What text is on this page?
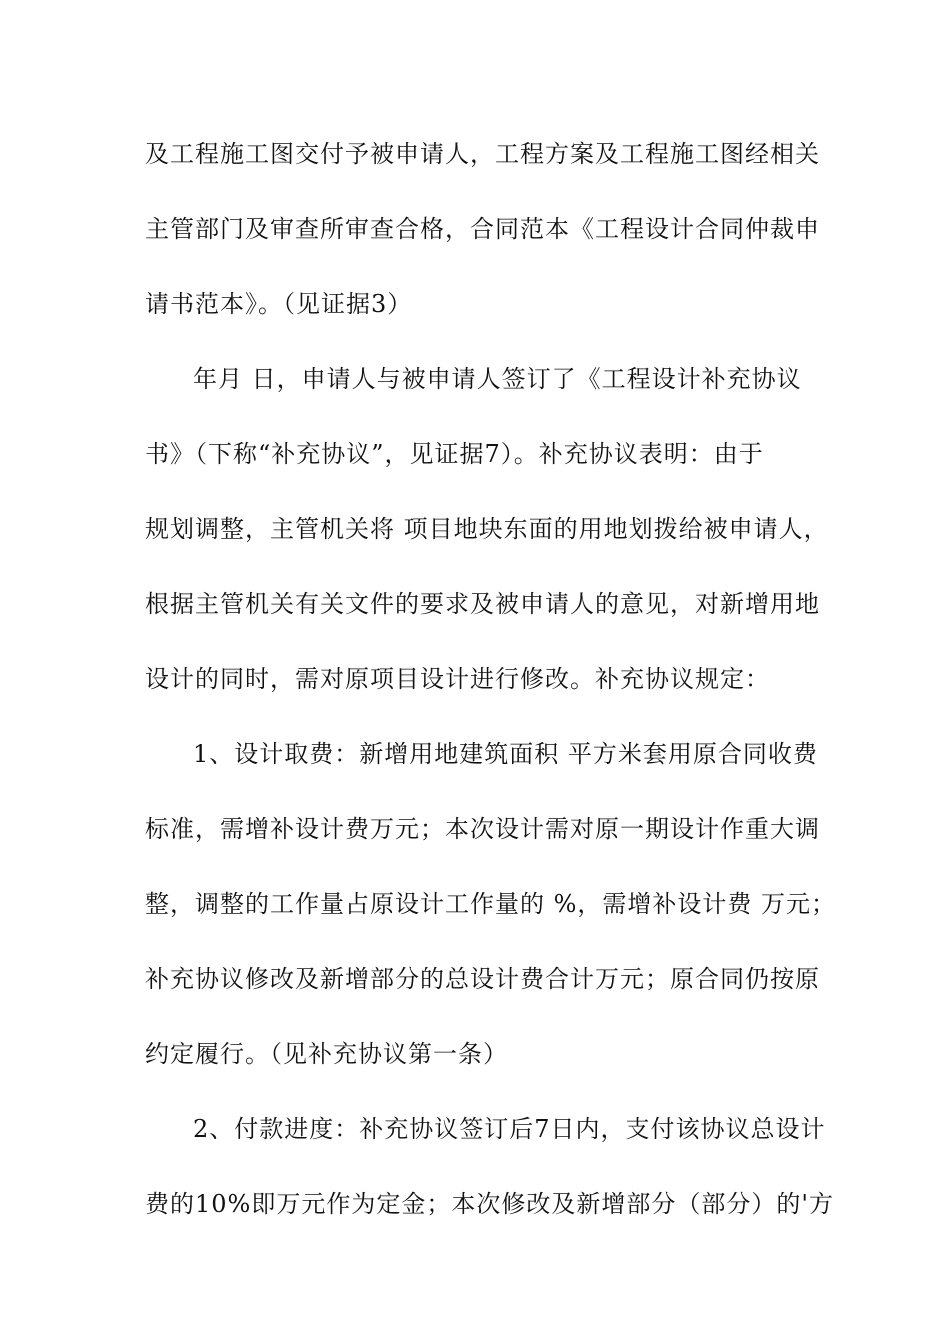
及工程施工图交付予被申请人，工程方案及工程施工图经相关
主管部门及审查所审查合格，合同范本《工程设计合同仲裁申
请书范本》。（见证据3）
年月 日，申请人与被申请人签订了《工程设计补充协议
书》（下称“补充协议”，见证据7）。补充协议表明：由于
规划调整，主管机关将 项目地块东面的用地划拨给被申请人，
根据主管机关有关文件的要求及被申请人的意见，对新增用地
设计的同时，需对原项目设计进行修改。补充协议规定：
1、设计取费：新增用地建筑面积 平方米套用原合同收费
标准，需增补设计费万元；本次设计需对原一期设计作重大调
整，调整的工作量占原设计工作量的 %，需增补设计费 万元；
补充协议修改及新增部分的总设计费合计万元；原合同仍按原
约定履行。（见补充协议第一条）
2、付款进度：补充协议签订后7日内，支付该协议总设计
费的10%即万元作为定金；本次修改及新增部分（部分）的'方
